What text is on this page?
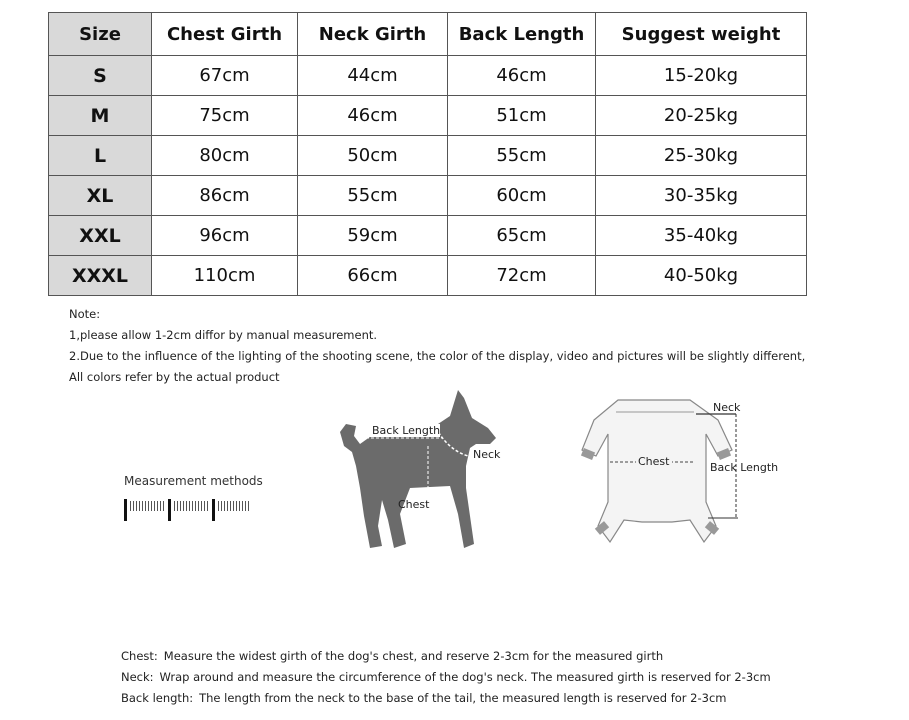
Size	Chest Girth	Neck Girth	Back Length	Suggest weight
S	67cm	44cm	46cm	15-20kg
M	75cm	46cm	51cm	20-25kg
L	80cm	50cm	55cm	25-30kg
XL	86cm	55cm	60cm	30-35kg
XXL	96cm	59cm	65cm	35-40kg
XXXL	110cm	66cm	72cm	40-50kg
Note:
1,please allow 1-2cm diffor by manual measurement.
2.Due to the influence of the lighting of the shooting scene, the color of the display, video and pictures will be slightly different,
All colors refer by the actual product
Measurement methods
Back Length
Neck
Chest
Chest
Neck
Back Length
Chest: Measure the widest girth of the dog's chest, and reserve 2-3cm for the measured girth
Neck: Wrap around and measure the circumference of the dog's neck. The measured girth is reserved for 2-3cm
Back length: The length from the neck to the base of the tail, the measured length is reserved for 2-3cm
